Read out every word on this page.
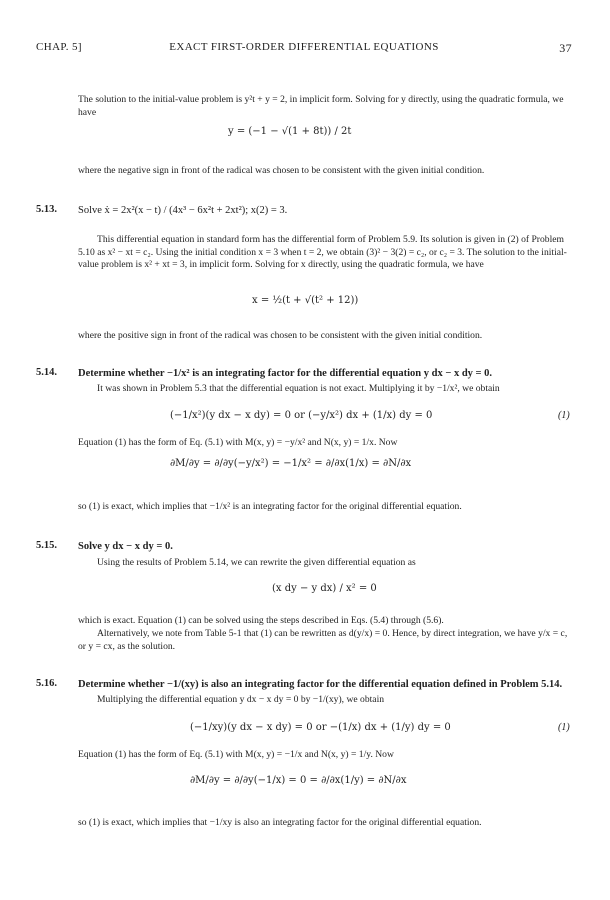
CHAP. 5]	EXACT FIRST-ORDER DIFFERENTIAL EQUATIONS	37
The solution to the initial-value problem is y²t + y = 2, in implicit form. Solving for y directly, using the quadratic formula, we have
y = (−1 − √(1 + 8t)) / 2t
where the negative sign in front of the radical was chosen to be consistent with the given initial condition.
5.13. Solve ẋ = 2x²(x − t) / (4x³ − 6x²t + 2xt²); x(2) = 3.
This differential equation in standard form has the differential form of Problem 5.9. Its solution is given in (2) of Problem 5.10 as x² − xt = c₂. Using the initial condition x = 3 when t = 2, we obtain (3)² − 3(2) = c₂, or c₂ = 3. The solution to the initial-value problem is x² + xt = 3, in implicit form. Solving for x directly, using the quadratic formula, we have
x = ½(t + √(t² + 12))
where the positive sign in front of the radical was chosen to be consistent with the given initial condition.
5.14. Determine whether −1/x² is an integrating factor for the differential equation y dx − x dy = 0.
It was shown in Problem 5.3 that the differential equation is not exact. Multiplying it by −1/x², we obtain
(−1/x²)(y dx − x dy) = 0 or (−y/x²) dx + (1/x) dy = 0	(1)
Equation (1) has the form of Eq. (5.1) with M(x, y) = −y/x² and N(x, y) = 1/x. Now
∂M/∂y = ∂/∂y(−y/x²) = −1/x² = ∂/∂x(1/x) = ∂N/∂x
so (1) is exact, which implies that −1/x² is an integrating factor for the original differential equation.
5.15. Solve y dx − x dy = 0.
Using the results of Problem 5.14, we can rewrite the given differential equation as
(x dy − y dx) / x² = 0
which is exact. Equation (1) can be solved using the steps described in Eqs. (5.4) through (5.6).
Alternatively, we note from Table 5-1 that (1) can be rewritten as d(y/x) = 0. Hence, by direct integration, we have y/x = c, or y = cx, as the solution.
5.16. Determine whether −1/(xy) is also an integrating factor for the differential equation defined in Problem 5.14.
Multiplying the differential equation y dx − x dy = 0 by −1/(xy), we obtain
(−1/xy)(y dx − x dy) = 0 or −(1/x) dx + (1/y) dy = 0	(1)
Equation (1) has the form of Eq. (5.1) with M(x, y) = −1/x and N(x, y) = 1/y. Now
∂M/∂y = ∂/∂y(−1/x) = 0 = ∂/∂x(1/y) = ∂N/∂x
so (1) is exact, which implies that −1/xy is also an integrating factor for the original differential equation.
